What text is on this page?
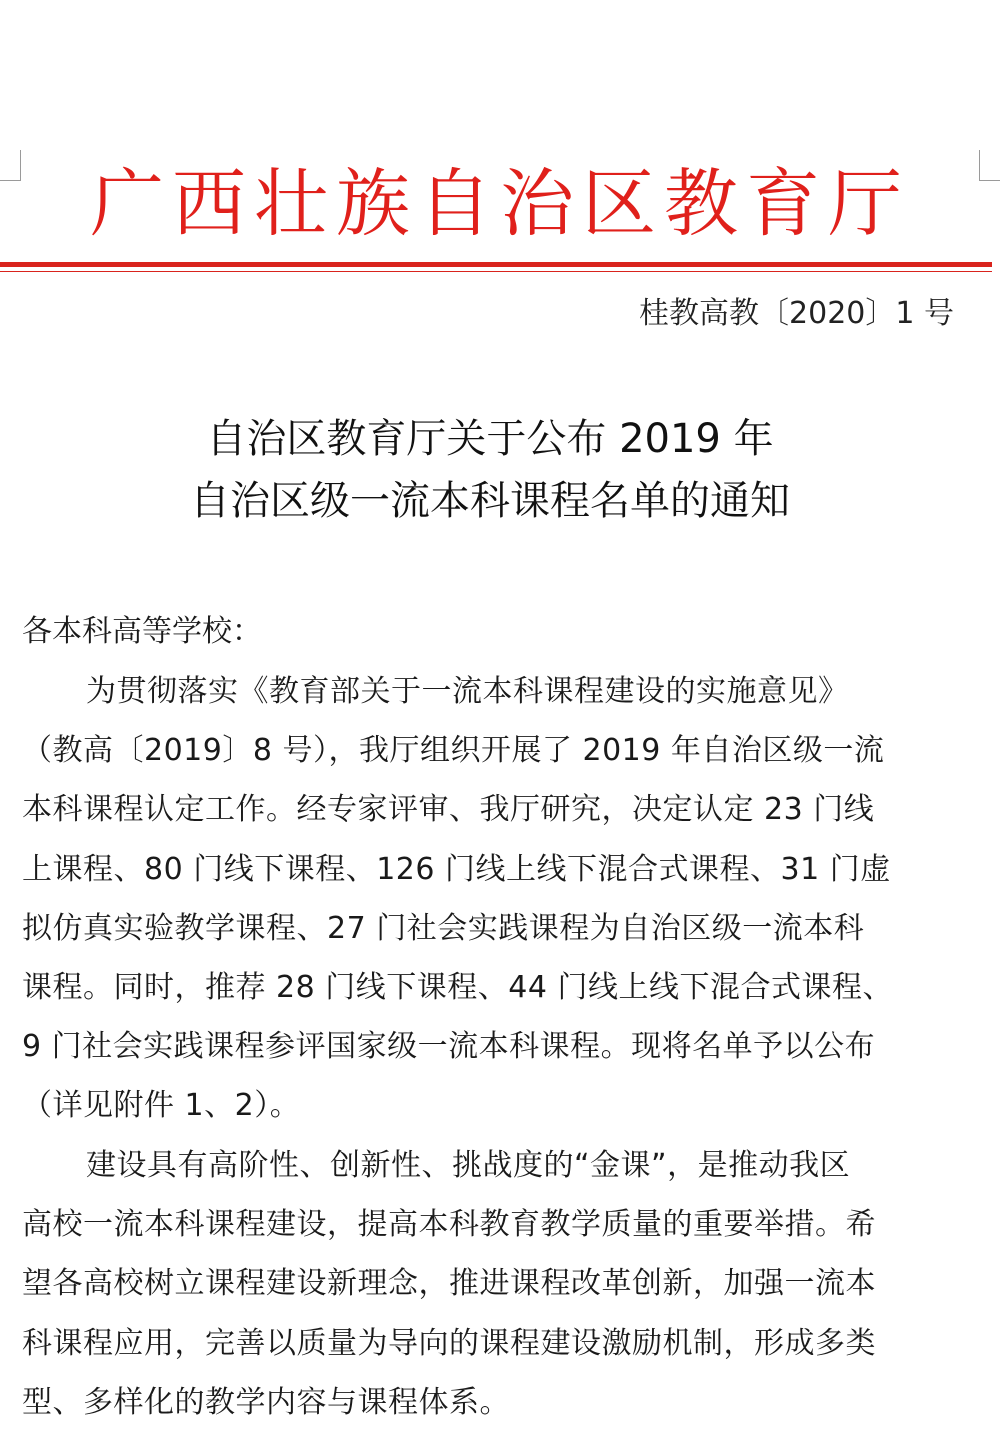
广西壮族自治区教育厅
桂教高教〔2020〕1 号
自治区教育厅关于公布 2019 年
自治区级一流本科课程名单的通知
各本科高等学校：

为贯彻落实《教育部关于一流本科课程建设的实施意见》
（教高〔2019〕8 号），我厅组织开展了 2019 年自治区级一流
本科课程认定工作。经专家评审、我厅研究，决定认定 23 门线
上课程、80 门线下课程、126 门线上线下混合式课程、31 门虚
拟仿真实验教学课程、27 门社会实践课程为自治区级一流本科
课程。同时，推荐 28 门线下课程、44 门线上线下混合式课程、
9 门社会实践课程参评国家级一流本科课程。现将名单予以公布
（详见附件 1、2）。

建设具有高阶性、创新性、挑战度的“金课”，是推动我区
高校一流本科课程建设，提高本科教育教学质量的重要举措。希
望各高校树立课程建设新理念，推进课程改革创新，加强一流本
科课程应用，完善以质量为导向的课程建设激励机制，形成多类
型、多样化的教学内容与课程体系。
